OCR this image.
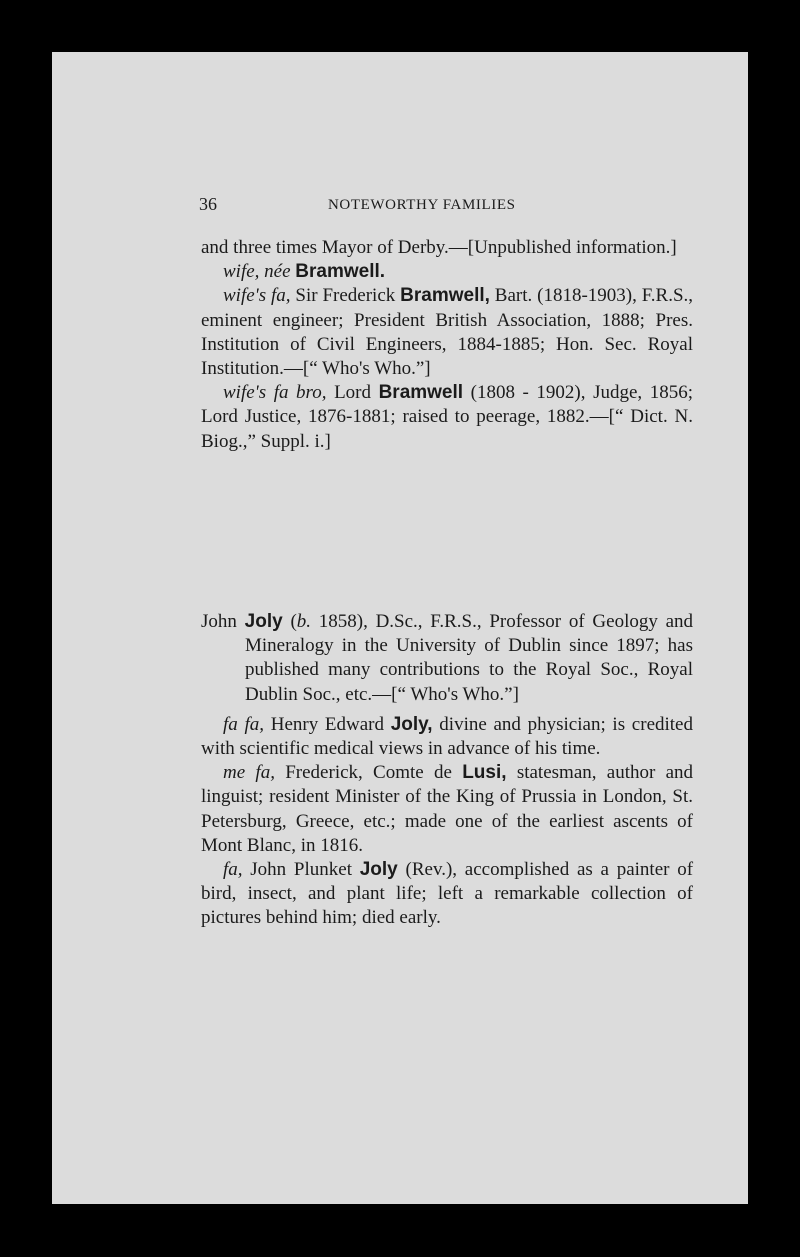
36	NOTEWORTHY FAMILIES

and three times Mayor of Derby.—[Unpublished information.]

wife, née Bramwell.

wife's fa, Sir Frederick Bramwell, Bart. (1818-1903), F.R.S., eminent engineer; President British Association, 1888; Pres. Institution of Civil Engineers, 1884-1885; Hon. Sec. Royal Institution.—[“ Who's Who.”]

wife's fa bro, Lord Bramwell (1808 - 1902), Judge, 1856; Lord Justice, 1876-1881; raised to peerage, 1882.—[“ Dict. N. Biog.,” Suppl. i.]

John Joly (b. 1858), D.Sc., F.R.S., Professor of Geology and Mineralogy in the University of Dublin since 1897; has published many contributions to the Royal Soc., Royal Dublin Soc., etc.—[“ Who's Who.”]

fa fa, Henry Edward Joly, divine and physician; is credited with scientific medical views in advance of his time.

me fa, Frederick, Comte de Lusi, statesman, author and linguist; resident Minister of the King of Prussia in London, St. Petersburg, Greece, etc.; made one of the earliest ascents of Mont Blanc, in 1816.

fa, John Plunket Joly (Rev.), accomplished as a painter of bird, insect, and plant life; left a remarkable collection of pictures behind him; died early.
